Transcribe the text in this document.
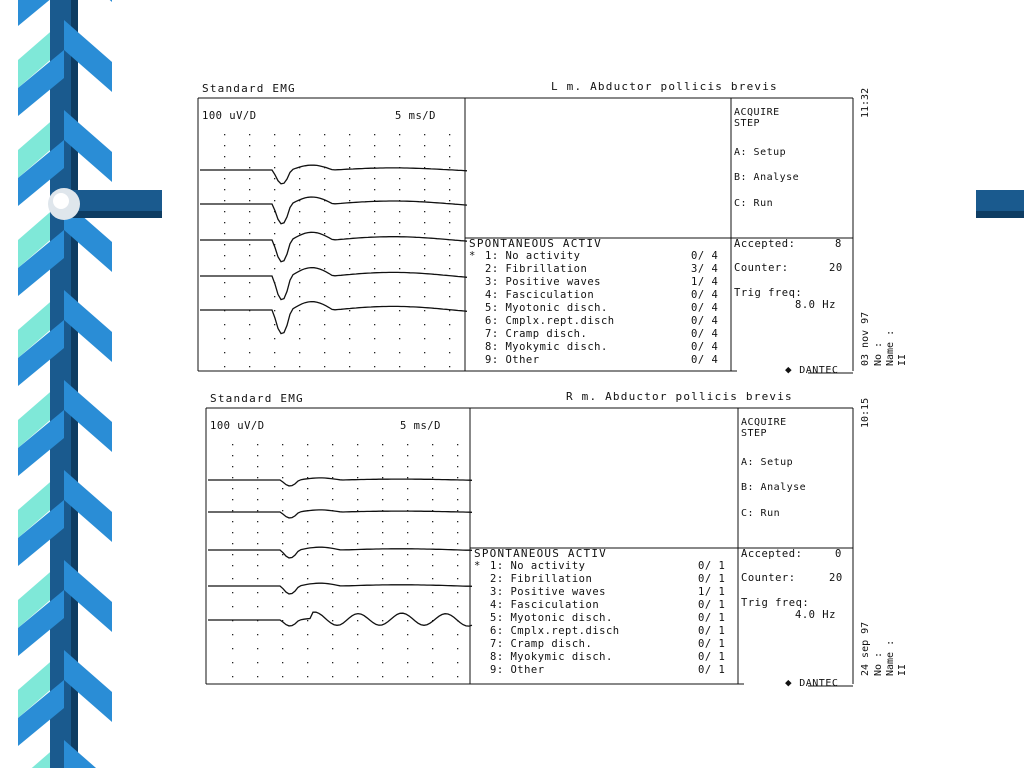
Standard EMG	L m. Abductor pollicis brevis
100 uV/D	5 ms/D	ACQUIRE
STEP
A: Setup
B: Analyse
C: Run
Accepted:	8
Counter:	20
Trig freq:
8.0 Hz
SPONTANEOUS ACTIV
* 1: No activity	0/ 4

2: Fibrillation	3/ 4

3: Positive waves	1/ 4

4: Fasciculation	0/ 4

5: Myotonic disch.	0/ 4

6: Cmplx.rept.disch	0/ 4

7: Cramp disch.	0/ 4

8: Myokymic disch.	0/ 4

9: Other	0/ 4
◆ DANTEC
11:32
03 nov 97 No : Name : II
Standard EMG	R m. Abductor pollicis brevis
100 uV/D	5 ms/D	ACQUIRE
STEP
A: Setup
B: Analyse
C: Run
Accepted:	0
Counter:	20
Trig freq:
4.0 Hz
SPONTANEOUS ACTIV
* 1: No activity	0/ 1

2: Fibrillation	0/ 1

3: Positive waves	1/ 1

4: Fasciculation	0/ 1

5: Myotonic disch.	0/ 1

6: Cmplx.rept.disch	0/ 1

7: Cramp disch.	0/ 1

8: Myokymic disch.	0/ 1

9: Other	0/ 1
◆ DANTEC
10:15
24 sep 97 No : Name : II
